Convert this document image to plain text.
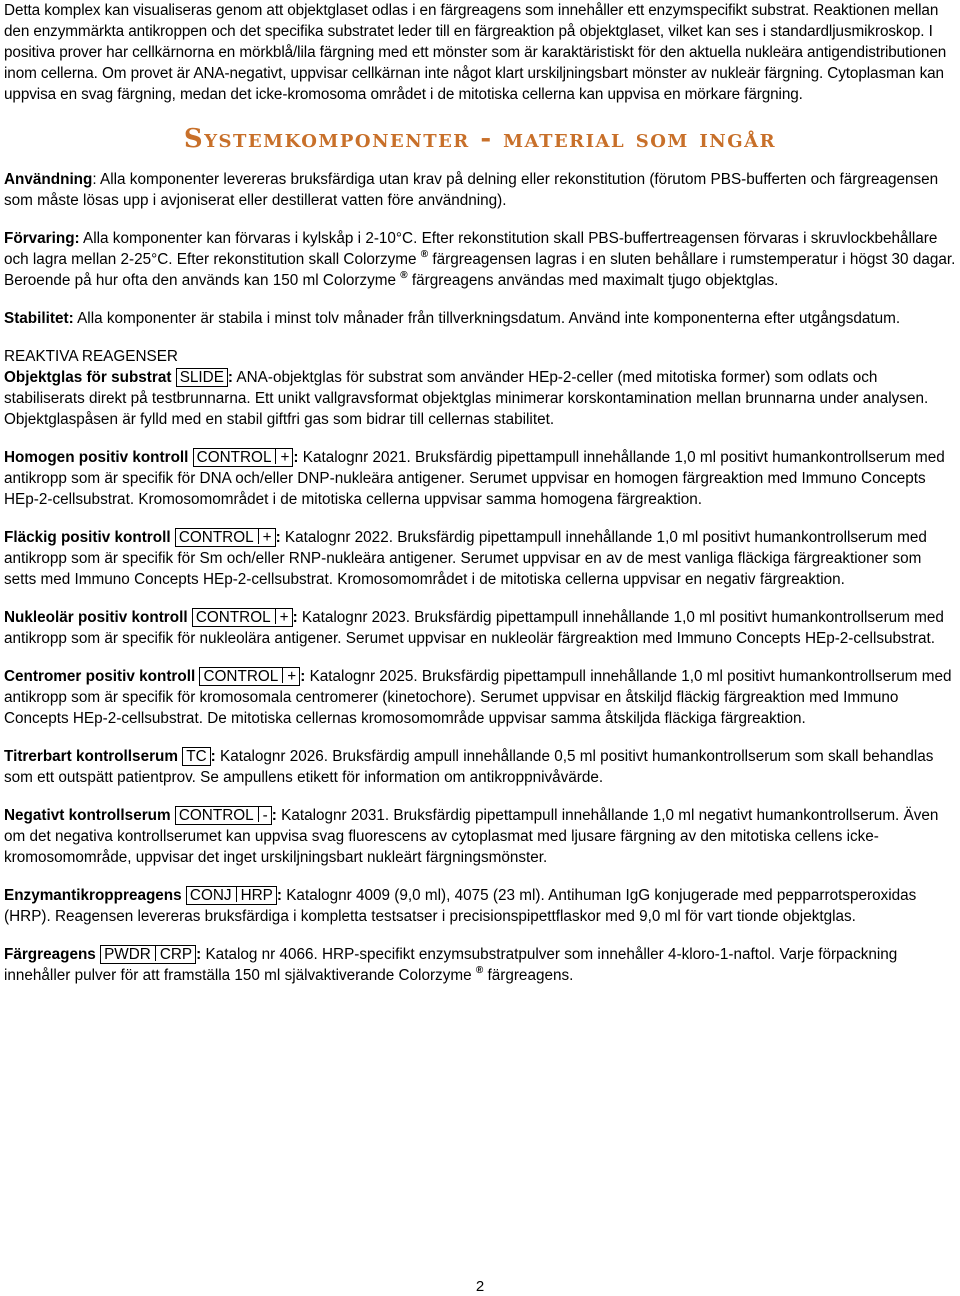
Detta komplex kan visualiseras genom att objektglaset odlas i en färgreagens som innehåller ett enzymspecifikt substrat. Reaktionen mellan den enzymmärkta antikroppen och det specifika substratet leder till en färgreaktion på objektglaset, vilket kan ses i standardljusmikroskop. I positiva prover har cellkärnorna en mörkblå/lila färgning med ett mönster som är karaktäristiskt för den aktuella nukleära antigendistributionen inom cellerna. Om provet är ANA-negativt, uppvisar cellkärnan inte något klart urskiljningsbart mönster av nukleär färgning. Cytoplasman kan uppvisa en svag färgning, medan det icke-kromosoma området i de mitotiska cellerna kan uppvisa en mörkare färgning.

Systemkomponenter - material som ingår

Användning: Alla komponenter levereras bruksfärdiga utan krav på delning eller rekonstitution (förutom PBS-bufferten och färgreagensen som måste lösas upp i avjoniserat eller destillerat vatten före användning).

Förvaring: Alla komponenter kan förvaras i kylskåp i 2-10°C. Efter rekonstitution skall PBS-buffertreagensen förvaras i skruvlockbehållare och lagra mellan 2-25°C. Efter rekonstitution skall Colorzyme ® färgreagensen lagras i en sluten behållare i rumstemperatur i högst 30 dagar. Beroende på hur ofta den används kan 150 ml Colorzyme ® färgreagens användas med maximalt tjugo objektglas.

Stabilitet: Alla komponenter är stabila i minst tolv månader från tillverkningsdatum. Använd inte komponenterna efter utgångsdatum.

REAKTIVA REAGENSER

Objektglas för substrat SLIDE : ANA-objektglas för substrat som använder HEp-2-celler (med mitotiska former) som odlats och stabiliserats direkt på testbrunnarna. Ett unikt vallgravsformat objektglas minimerar korskontamination mellan brunnarna under analysen. Objektglaspåsen är fylld med en stabil giftfri gas som bidrar till cellernas stabilitet.

Homogen positiv kontroll CONTROL + : Katalognr 2021. Bruksfärdig pipettampull innehållande 1,0 ml positivt humankontrollserum med antikropp som är specifik för DNA och/eller DNP-nukleära antigener. Serumet uppvisar en homogen färgreaktion med Immuno Concepts HEp-2-cellsubstrat. Kromosomområdet i de mitotiska cellerna uppvisar samma homogena färgreaktion.

Fläckig positiv kontroll CONTROL + : Katalognr 2022. Bruksfärdig pipettampull innehållande 1,0 ml positivt humankontrollserum med antikropp som är specifik för Sm och/eller RNP-nukleära antigener. Serumet uppvisar en av de mest vanliga fläckiga färgreaktioner som setts med Immuno Concepts HEp-2-cellsubstrat. Kromosomområdet i de mitotiska cellerna uppvisar en negativ färgreaktion.

Nukleolär positiv kontroll CONTROL + : Katalognr 2023. Bruksfärdig pipettampull innehållande 1,0 ml positivt humankontrollserum med antikropp som är specifik för nukleolära antigener. Serumet uppvisar en nukleolär färgreaktion med Immuno Concepts HEp-2-cellsubstrat.

Centromer positiv kontroll CONTROL + : Katalognr 2025. Bruksfärdig pipettampull innehållande 1,0 ml positivt humankontrollserum med antikropp som är specifik för kromosomala centromerer (kinetochore). Serumet uppvisar en åtskiljd fläckig färgreaktion med Immuno Concepts HEp-2-cellsubstrat. De mitotiska cellernas kromosomområde uppvisar samma åtskiljda fläckiga färgreaktion.

Titrerbart kontrollserum TC : Katalognr 2026. Bruksfärdig ampull innehållande 0,5 ml positivt humankontrollserum som skall behandlas som ett outspätt patientprov. Se ampullens etikett för information om antikroppnivåvärde.

Negativt kontrollserum CONTROL - : Katalognr 2031. Bruksfärdig pipettampull innehållande 1,0 ml negativt humankontrollserum. Även om det negativa kontrollserumet kan uppvisa svag fluorescens av cytoplasmat med ljusare färgning av den mitotiska cellens icke-kromosomområde, uppvisar det inget urskiljningsbart nukleärt färgningsmönster.

Enzymantikroppreagens CONJ HRP : Katalognr 4009 (9,0 ml), 4075 (23 ml). Antihuman IgG konjugerade med pepparrotsperoxidas (HRP). Reagensen levereras bruksfärdiga i kompletta testsatser i precisionspipettflaskor med 9,0 ml för vart tionde objektglas.

Färgreagens PWDR CRP : Katalog nr 4066. HRP-specifikt enzymsubstratpulver som innehåller 4-kloro-1-naftol. Varje förpackning innehåller pulver för att framställa 150 ml självaktiverande Colorzyme ® färgreagens.

2
